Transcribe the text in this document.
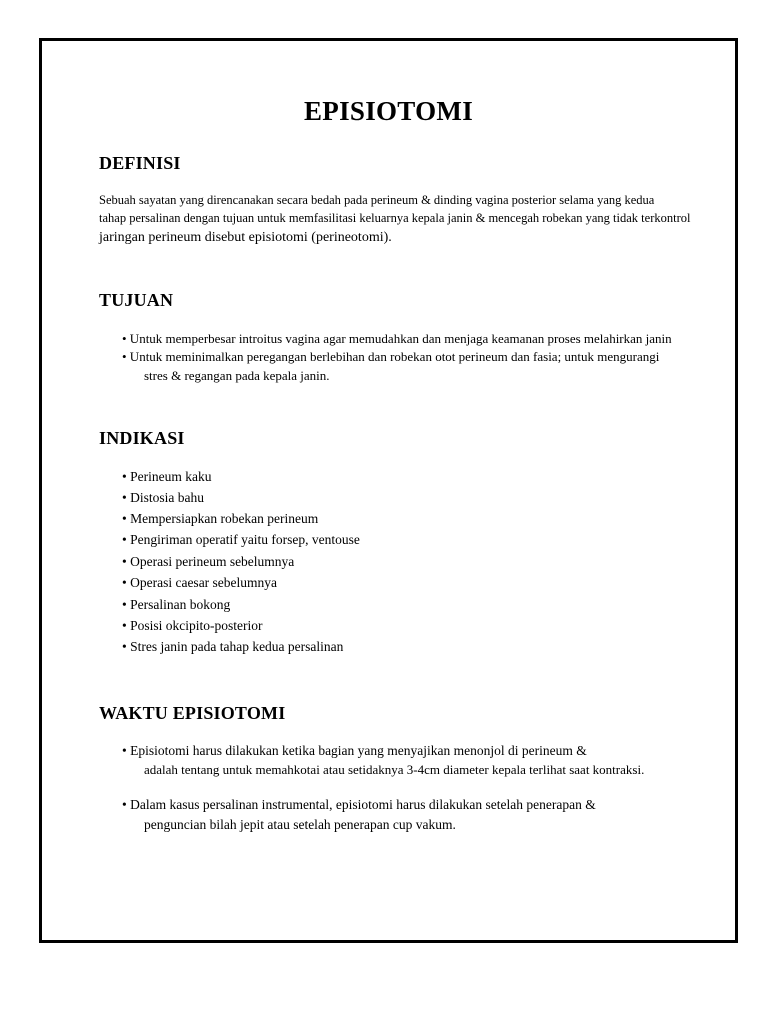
EPISIOTOMI
DEFINISI
Sebuah sayatan yang direncanakan secara bedah pada perineum & dinding vagina posterior selama yang kedua
tahap persalinan dengan tujuan untuk memfasilitasi keluarnya kepala janin & mencegah robekan yang tidak terkontrol
jaringan perineum disebut episiotomi (perineotomi).
TUJUAN
• Untuk memperbesar introitus vagina agar memudahkan dan menjaga keamanan proses melahirkan janin
• Untuk meminimalkan peregangan berlebihan dan robekan otot perineum dan fasia; untuk mengurangi
stres & regangan pada kepala janin.
INDIKASI
• Perineum kaku
• Distosia bahu
• Mempersiapkan robekan perineum
• Pengiriman operatif yaitu forsep, ventouse
• Operasi perineum sebelumnya
• Operasi caesar sebelumnya
• Persalinan bokong
• Posisi okcipito-posterior
• Stres janin pada tahap kedua persalinan
WAKTU EPISIOTOMI
• Episiotomi harus dilakukan ketika bagian yang menyajikan menonjol di perineum &
adalah tentang untuk memahkotai atau setidaknya 3-4cm diameter kepala terlihat saat kontraksi.
• Dalam kasus persalinan instrumental, episiotomi harus dilakukan setelah penerapan &
penguncian bilah jepit atau setelah penerapan cup vakum.
